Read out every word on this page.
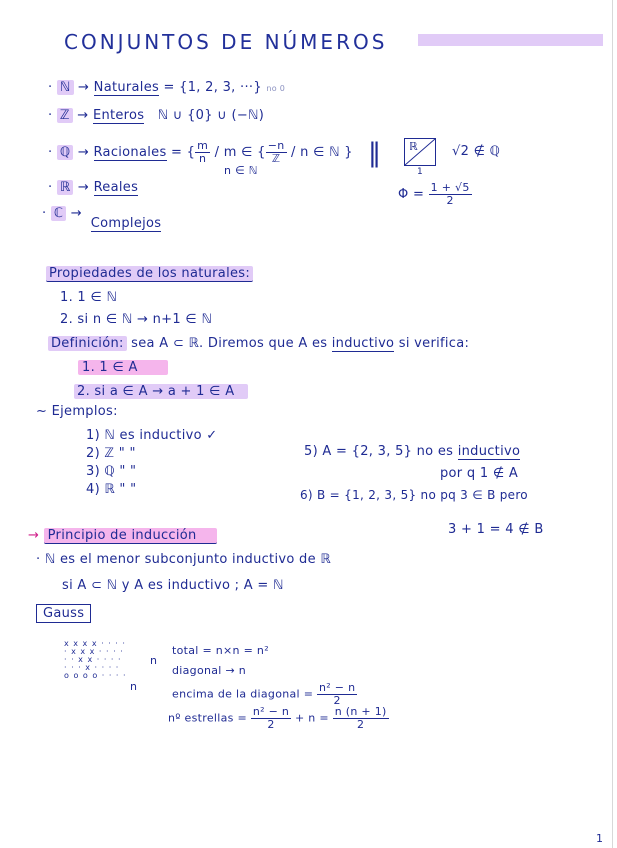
CONJUNTOS DE NÚMEROS
· ℕ → Naturales = {1, 2, 3, ···} no 0
· ℤ → Enteros ℕ ∪ {0} ∪ (−ℕ)
· ℚ → Racionales = { $\frac{m}{n}$ / m ∈ { $\frac{-n}{\text{ℤ}}$ / n ∈ ℕ }
n ∈ ℕ
· ℝ → Reales
· ℂ →  Complejos
‖	ℝ
1
√2 ∉ ℚ
$\Phi = \frac{1 + √5}{2}$
Propiedades de los naturales:
1. 1 ∈ ℕ
2. si n ∈ ℕ → n+1 ∈ ℕ
Definición: sea A ⊂ ℝ. Diremos que A es inductivo si verifica:
1. 1 ∈ A
2. si a ∈ A → a + 1 ∈ A
~ Ejemplos:
1) ℕ es inductivo ✓
2) ℤ " "
3) ℚ " "
4) ℝ " "
5) A = {2, 3, 5} no es inductivo
por q 1 ∉ A
6) B = {1, 2, 3, 5} no pq 3 ∈ B pero
3 + 1 = 4 ∉ B
→ Principio de inducción
· ℕ es el menor subconjunto inductivo de ℝ
si A ⊂ ℕ y A es inductivo ; A = ℕ
Gauss
x x x x · · · ·
· x x x · · · ·
· · x x · · · ·
· · · x · · · ·
o o o o · · · ·
n
n
total = n×n = n²
diagonal → n
encima de la diagonal = $\frac{\text{n² − n}}{2}$
nº estrellas = $\frac{\text{n² − n}}{2} + n = \frac{n (n + 1)}{2}$
1
